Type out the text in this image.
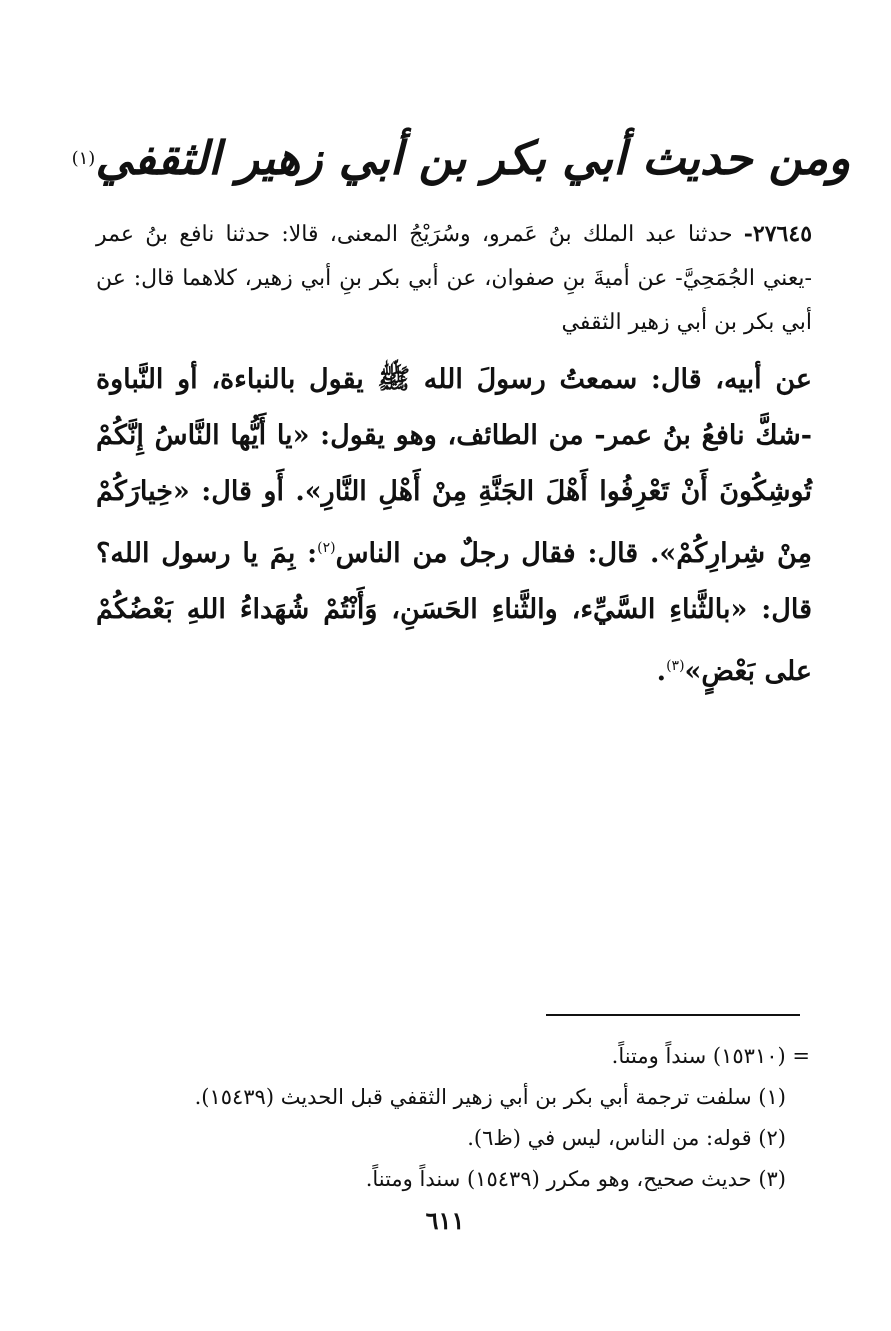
ومن حديث أبي بكر بن أبي زهير الثقفي
(١)
٢٧٦٤٥- حدثنا عبد الملك بنُ عَمرو، وسُرَيْجُ المعنى، قالا: حدثنا نافع بنُ عمر -يعني الجُمَحِيَّ- عن أميةَ بنِ صفوان، عن أبي بكر بنِ أبي زهير، كلاهما قال: عن أبي بكر بن أبي زهير الثقفي
عن أبيه، قال: سمعتُ رسولَ الله ﷺ يقول بالنباءة، أو النَّباوة -شكَّ نافعُ بنُ عمر- من الطائف، وهو يقول: «يا أَيُّها النَّاسُ إِنَّكُمْ تُوشِكُونَ أَنْ تَعْرِفُوا أَهْلَ الجَنَّةِ مِنْ أَهْلِ النَّارِ». أَو قال: «خِيارَكُمْ مِنْ شِرارِكُمْ». قال: فقال رجلٌ من الناس$^{(٢)}$: بِمَ يا رسول الله؟ قال: «بالثَّناءِ السَّيِّء، والثَّناءِ الحَسَنِ، وَأَنْتُمْ شُهَداءُ اللهِ بَعْضُكُمْ على بَعْضٍ»$^{(٣)}$.
= (١٥٣١٠) سنداً ومتناً.
(١) سلفت ترجمة أبي بكر بن أبي زهير الثقفي قبل الحديث (١٥٤٣٩).
(٢) قوله: من الناس، ليس في (ظ٦).
(٣) حديث صحيح، وهو مكرر (١٥٤٣٩) سنداً ومتناً.
٦١١
